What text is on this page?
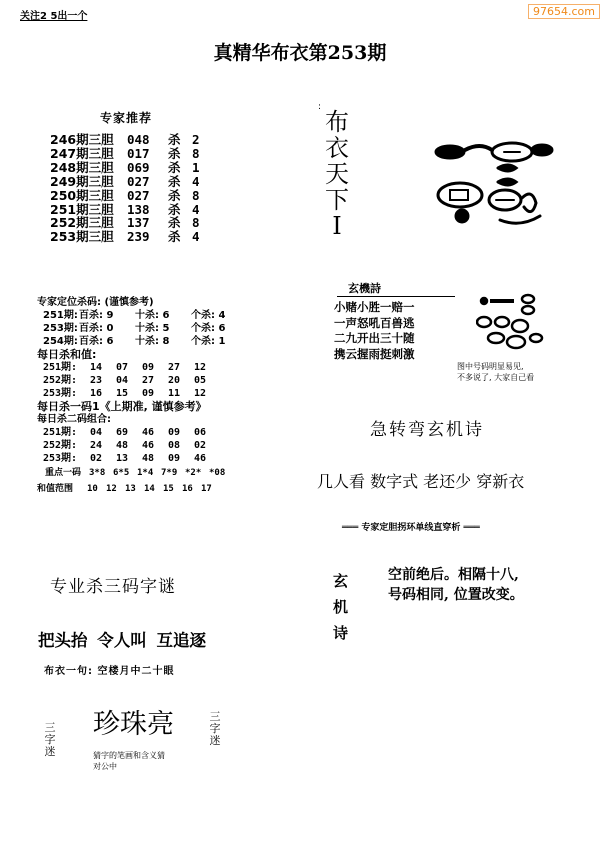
关注2 5出一个	97654.com
真精华布衣第253期
专家推荐
246期三胆 048 杀 2
247期三胆 017 杀 8
248期三胆 069 杀 1
249期三胆 027 杀 4
250期三胆 027 杀 8
251期三胆 138 杀 4
252期三胆 137 杀 8
253期三胆 239 杀 4
专家定位杀码: (谨慎参考)
251期:百杀: 9 十杀: 6 个杀: 4
253期:百杀: 0 十杀: 5 个杀: 6
254期:百杀: 6 十杀: 8 个杀: 1
每日杀和值:
251期: 14 07 09 27 12
252期: 23 04 27 20 05
253期: 16 15 09 11 12
每日杀一码1《上期准, 谨慎参考》
每日杀二码组合:
251期: 04 69 46 09 06
252期: 24 48 46 08 02
253期: 02 13 48 09 46
重点一码 3*8 6*5 1*4 7*9 *2* *08
和值范围 10 12 13 14 15 16 17
:
布
衣
天
下
I
玄機詩
小赌小胜一赔一
一声怒吼百兽逃
二九开出三十随
携云握雨挺刺激
图中号码明显易见,
不多说了, 大家自己看
急转弯玄机诗
几人看 数字式 老还少 穿新衣
═══ 专家定胆拐环单线直穿析 ═══
玄
机
诗
空前绝后。相隔十八,
号码相同, 位置改变。
专业杀三码字谜
把头抬 令人叫 互追逐
布衣一句: 空楼月中二十眼
三
字
迷
珍珠亮	三
字
迷
猜字的笔画和含义猜
对公中
